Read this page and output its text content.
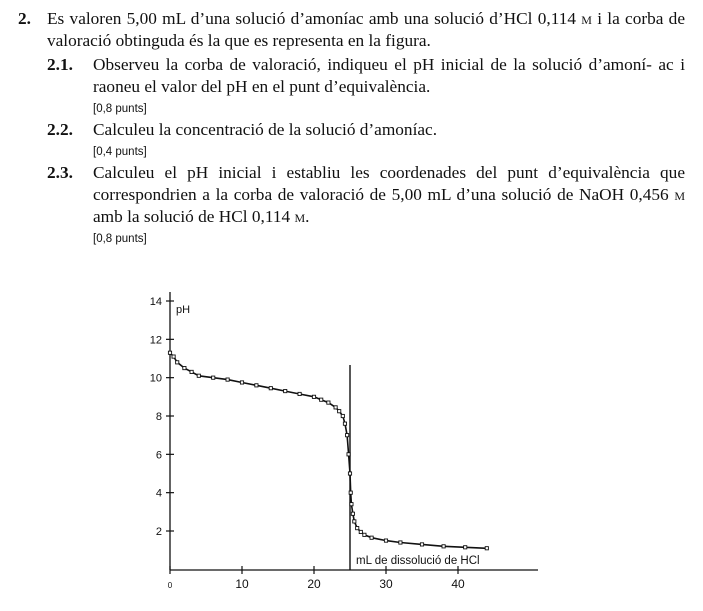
2. Es valoren 5,00 mL d’una solució d’amoníac amb una solució d’HCl 0,114 m i la corba de valoració obtinguda és la que es representa en la figura.
2.1. Observeu la corba de valoració, indiqueu el pH inicial de la solució d’amoní- ac i raoneu el valor del pH en el punt d’equivalència.
[0,8 punts]
2.2. Calculeu la concentració de la solució d’amoníac.
[0,4 punts]
2.3. Calculeu el pH inicial i establiu les coordenades del punt d’equivalència que correspondrien a la corba de valoració de 5,00 mL d’una solució de NaOH 0,456 m amb la solució de HCl 0,114 m.
[0,8 punts]
2
4
6
8
10
12
14
0	10	20	30	40
pH
mL de dissolució de HCl
